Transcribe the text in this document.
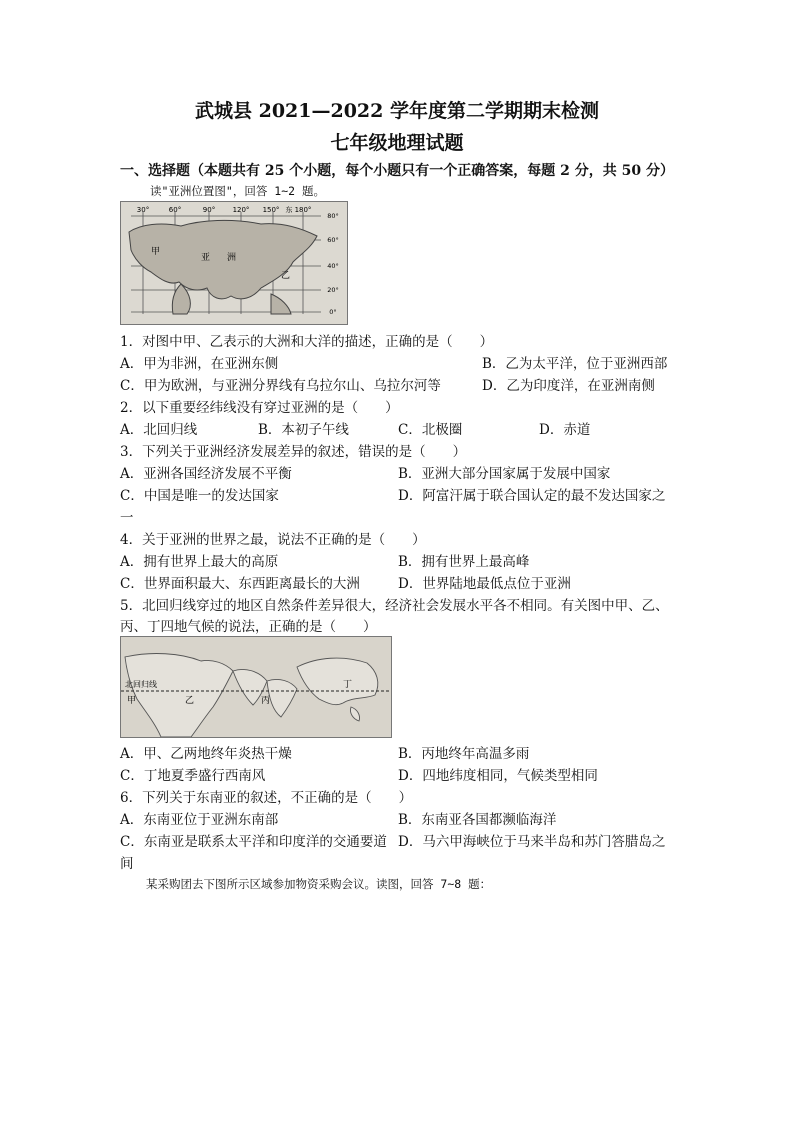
武城县 2021—2022 学年度第二学期期末检测
七年级地理试题
一、选择题（本题共有 25 个小题，每个小题只有一个正确答案，每题 2 分，共 50 分）
读"亚洲位置图"，回答 1~2 题。
30°	60°	90° 120° 150° 180°
东
80°
60°
40°
20°
0°
甲
亚 洲
乙
1．对图中甲、乙表示的大洲和大洋的描述，正确的是（　　）
A．甲为非洲，在亚洲东侧	B．乙为太平洋，位于亚洲西部
C．甲为欧洲，与亚洲分界线有乌拉尔山、乌拉尔河等	D．乙为印度洋，在亚洲南侧
2．以下重要经纬线没有穿过亚洲的是（　　）
A．北回归线	B．本初子午线	C．北极圈	D．赤道
3．下列关于亚洲经济发展差异的叙述，错误的是（　　）
A．亚洲各国经济发展不平衡	B．亚洲大部分国家属于发展中国家
C．中国是唯一的发达国家	D．阿富汗属于联合国认定的最不发达国家之
一
4．关于亚洲的世界之最，说法不正确的是（　　）
A．拥有世界上最大的高原	B．拥有世界上最高峰
C．世界面积最大、东西距离最长的大洲	D．世界陆地最低点位于亚洲
5．北回归线穿过的地区自然条件差异很大，经济社会发展水平各不相同。有关图中甲、乙、
丙、丁四地气候的说法，正确的是（　　）
北回归线
甲	乙	丙
丁
A．甲、乙两地终年炎热干燥	B．丙地终年高温多雨
C．丁地夏季盛行西南风	D．四地纬度相同，气候类型相同
6．下列关于东南亚的叙述，不正确的是（　　）
A．东南亚位于亚洲东南部	B．东南亚各国都濒临海洋
C．东南亚是联系太平洋和印度洋的交通要道 D．马六甲海峡位于马来半岛和苏门答腊岛之
间
某采购团去下图所示区域参加物资采购会议。读图，回答 7~8 题：
